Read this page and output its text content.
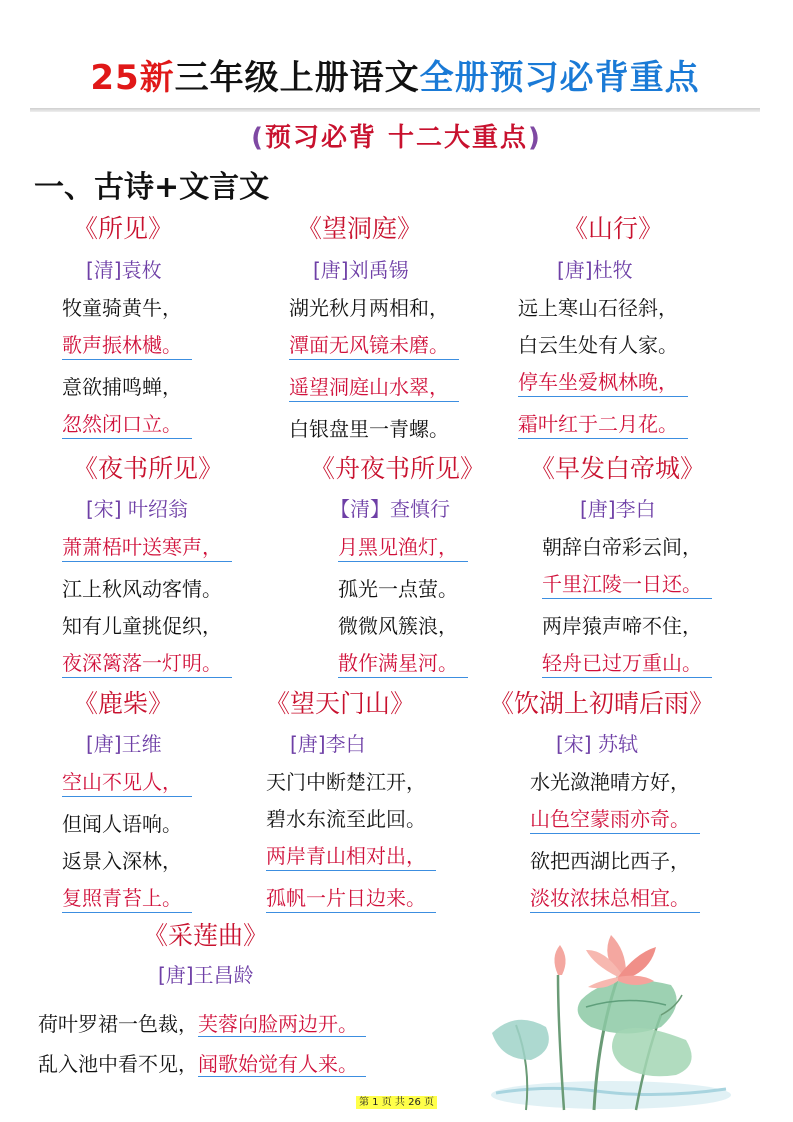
25新三年级上册语文全册预习必背重点
(预习必背 十二大重点)
一、古诗+文言文
《所见》
[清]袁枚
牧童骑黄牛，
歌声振林樾。
意欲捕鸣蝉，
忽然闭口立。
《望洞庭》
[唐]刘禹锡
湖光秋月两相和，
潭面无风镜未磨。
遥望洞庭山水翠，
白银盘里一青螺。
《山行》
[唐]杜牧
远上寒山石径斜，
白云生处有人家。
停车坐爱枫林晚，
霜叶红于二月花。
《夜书所见》
[宋] 叶绍翁
萧萧梧叶送寒声，
江上秋风动客情。
知有儿童挑促织，
夜深篱落一灯明。
《舟夜书所见》
【清】查慎行
月黑见渔灯，
孤光一点萤。
微微风簇浪，
散作满星河。
《早发白帝城》
[唐]李白
朝辞白帝彩云间，
千里江陵一日还。
两岸猿声啼不住，
轻舟已过万重山。
《鹿柴》
[唐]王维
空山不见人，
但闻人语响。
返景入深林，
复照青苔上。
《望天门山》
[唐]李白
天门中断楚江开，
碧水东流至此回。
两岸青山相对出，
孤帆一片日边来。
《饮湖上初晴后雨》
[宋] 苏轼
水光潋滟晴方好，
山色空蒙雨亦奇。
欲把西湖比西子，
淡妆浓抹总相宜。
《采莲曲》
[唐]王昌龄
荷叶罗裙一色裁，芙蓉向脸两边开。
乱入池中看不见，闻歌始觉有人来。
第 1 页 共 26 页
